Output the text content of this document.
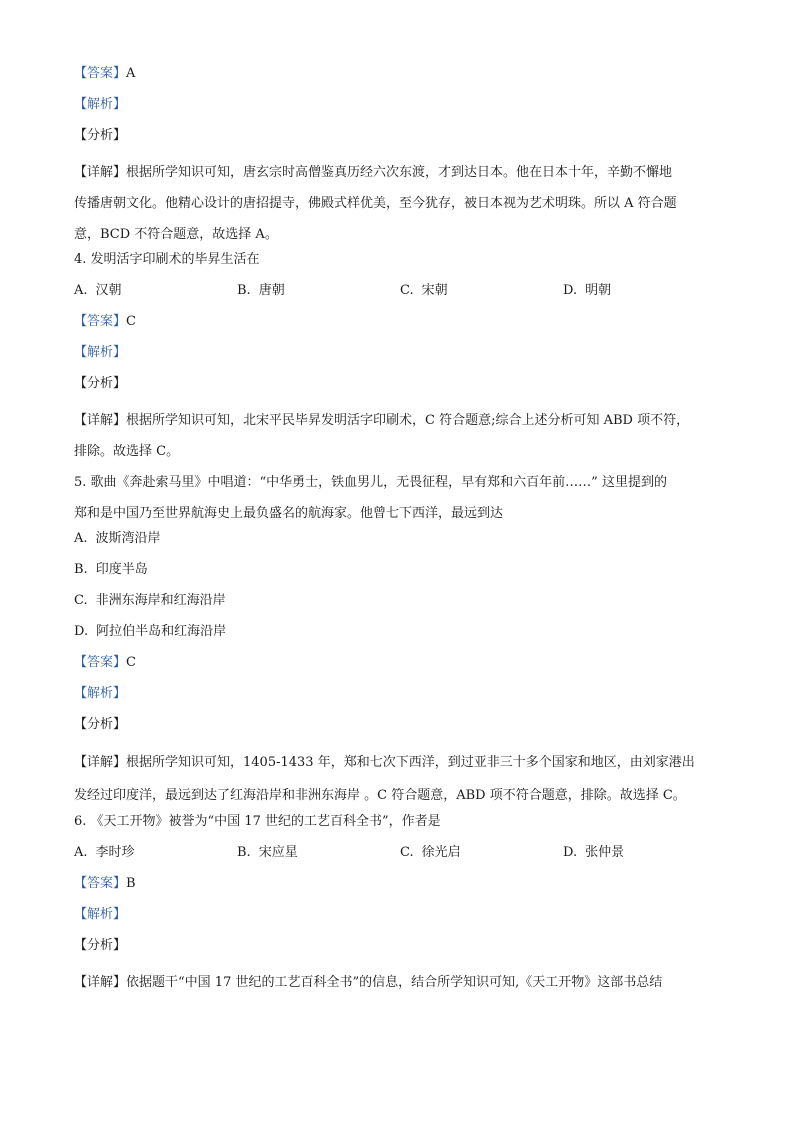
【答案】A
【解析】
【分析】
【详解】根据所学知识可知，唐玄宗时高僧鉴真历经六次东渡，才到达日本。他在日本十年，辛勤不懈地
传播唐朝文化。他精心设计的唐招提寺，佛殿式样优美，至今犹存，被日本视为艺术明珠。所以 A 符合题
意，BCD 不符合题意，故选择 A。
4. 发明活字印刷术的毕昇生活在
A. 汉朝	B. 唐朝	C. 宋朝	D. 明朝
【答案】C
【解析】
【分析】
【详解】根据所学知识可知，北宋平民毕昇发明活字印刷术，C 符合题意;综合上述分析可知 ABD 项不符，
排除。故选择 C。
5. 歌曲《奔赴索马里》中唱道：“中华勇士，铁血男儿，无畏征程，早有郑和六百年前……” 这里提到的
郑和是中国乃至世界航海史上最负盛名的航海家。他曾七下西洋，最远到达
A. 波斯湾沿岸
B. 印度半岛
C. 非洲东海岸和红海沿岸
D. 阿拉伯半岛和红海沿岸
【答案】C
【解析】
【分析】
【详解】根据所学知识可知，1405-1433 年，郑和七次下西洋，到过亚非三十多个国家和地区，由刘家港出
发经过印度洋，最远到达了红海沿岸和非洲东海岸 。C 符合题意，ABD 项不符合题意，排除。故选择 C。
6. 《天工开物》被誉为“中国 17 世纪的工艺百科全书”，作者是
A. 李时珍	B. 宋应星	C. 徐光启	D. 张仲景
【答案】B
【解析】
【分析】
【详解】依据题干“中国 17 世纪的工艺百科全书”的信息，结合所学知识可知,《天工开物》这部书总结
